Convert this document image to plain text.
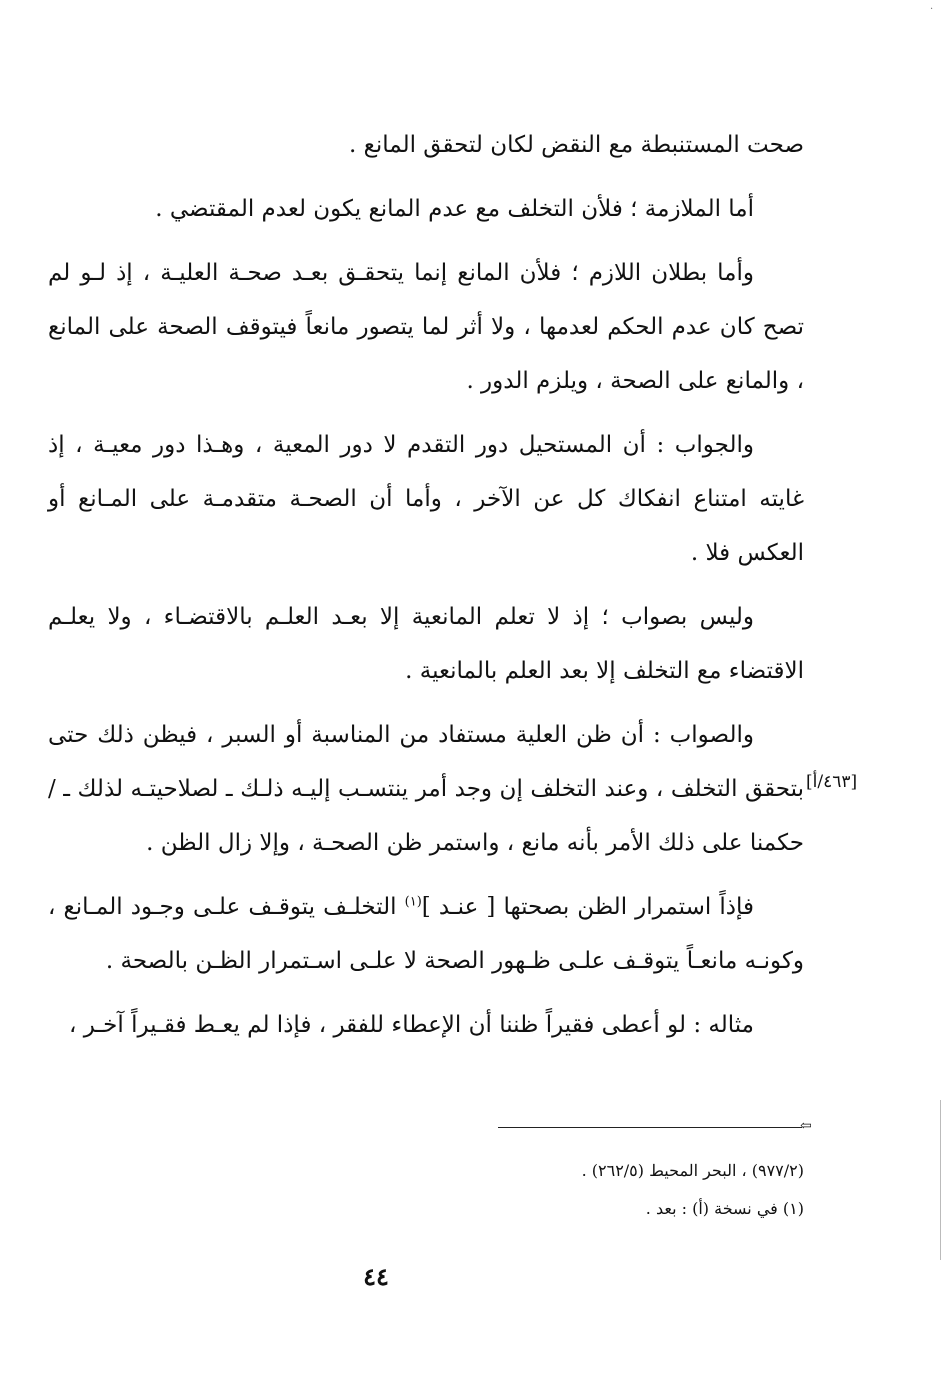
صحت المستنبطة مع النقض لكان لتحقق المانع .

أما الملازمة ؛ فلأن التخلف مع عدم المانع يكون لعدم المقتضي .

وأما بطلان اللازم ؛ فلأن المانع إنما يتحقـق بعـد صحـة العليـة ، إذ لـو لم تصح كان عدم الحكم لعدمها ، ولا أثر لما يتصور مانعاً فيتوقف الصحة على المانع ، والمانع على الصحة ، ويلزم الدور .

والجواب : أن المستحيل دور التقدم لا دور المعية ، وهـذا دور معيـة ، إذ غايته امتناع انفكاك كل عن الآخر ، وأما أن الصحـة متقدمـة على المـانع أو العكس فلا .

وليس بصواب ؛ إذ لا تعلم المانعية إلا بعـد العلـم بالاقتضـاء ، ولا يعلـم الاقتضاء مع التخلف إلا بعد العلم بالمانعية .

والصواب : أن ظن العلية مستفاد من المناسبة أو السبر ، فيظن ذلك حتى بتحقق التخلف ، وعند التخلف إن وجد أمر ينتسـب إليـه ذلـك ـ لصلاحيتـه لذلك ـ / حكمنا على ذلك الأمر بأنه مانع ، واستمر ظن الصحـة ، وإلا زال الظن .

فإذاً استمرار الظن بصحتها [ عنـد ]$^{(١)}$ التخلـف يتوقـف علـى وجـود المـانع ، وكونـه مانعـاً يتوقـف علـى ظـهور الصحة لا علـى اسـتمرار الظـن بالصحة .

مثاله : لو أعطى فقيراً ظننا أن الإعطاء للفقر ، فإذا لم يعـط فقـيراً آخـر ،

[٤٦٣/أ]
⇦

(٩٧٧/٢) ، البحر المحيط (٢٦٢/٥) .

(١) في نسخة (أ) : بعد .

٤٤
·
